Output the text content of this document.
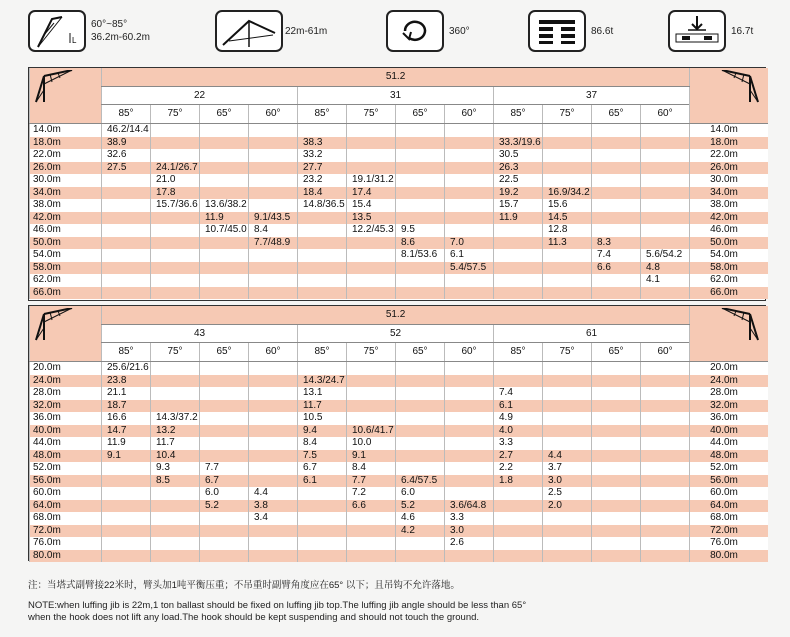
L
60°~85°
36.2m-60.2m
22m-61m	360°	86.6t	16.7t
	51.2	

	22				31				37				
	85°	75°	65°	60°	85°	75°	65°	60°	85°	75°	65°	60°	
14.0m	46.2/14.4												14.0m
18.0m	38.9				38.3				33.3/19.6				18.0m
22.0m	32.6				33.2				30.5				22.0m
26.0m	27.5	24.1/26.7			27.7				26.3				26.0m
30.0m		21.0			23.2	19.1/31.2			22.5				30.0m
34.0m		17.8			18.4	17.4			19.2	16.9/34.2			34.0m
38.0m		15.7/36.6	13.6/38.2		14.8/36.5	15.4			15.7	15.6			38.0m
42.0m			11.9	9.1/43.5		13.5			11.9	14.5			42.0m
46.0m			10.7/45.0	8.4		12.2/45.3	9.5			12.8			46.0m
50.0m				7.7/48.9			8.6	7.0		11.3	8.3		50.0m
54.0m							8.1/53.6	6.1			7.4	5.6/54.2	54.0m
58.0m								5.4/57.5			6.6	4.8	58.0m
62.0m												4.1	62.0m
66.0m													66.0m
	51.2	

	43				52				61				
	85°	75°	65°	60°	85°	75°	65°	60°	85°	75°	65°	60°	
20.0m	25.6/21.6												20.0m
24.0m	23.8				14.3/24.7								24.0m
28.0m	21.1				13.1				7.4				28.0m
32.0m	18.7				11.7				6.1				32.0m
36.0m	16.6	14.3/37.2			10.5				4.9				36.0m
40.0m	14.7	13.2			9.4	10.6/41.7			4.0				40.0m
44.0m	11.9	11.7			8.4	10.0			3.3				44.0m
48.0m	9.1	10.4			7.5	9.1			2.7	4.4			48.0m
52.0m		9.3	7.7		6.7	8.4			2.2	3.7			52.0m
56.0m		8.5	6.7		6.1	7.7	6.4/57.5		1.8	3.0			56.0m
60.0m			6.0	4.4		7.2	6.0			2.5			60.0m
64.0m			5.2	3.8		6.6	5.2	3.6/64.8		2.0			64.0m
68.0m				3.4			4.6	3.3					68.0m
72.0m							4.2	3.0					72.0m
76.0m								2.6					76.0m
80.0m													80.0m

注：当塔式副臂接22米时，臂头加1吨平衡压重；不吊重时副臂角度应在65° 以下；且吊钩不允许落地。

NOTE:when luffing jib is 22m,1 ton ballast should be fixed on luffing jib top.The luffing jib angle should be less than 65°

when the hook does not lift any load.The hook should be kept suspending and should not touch the ground.
